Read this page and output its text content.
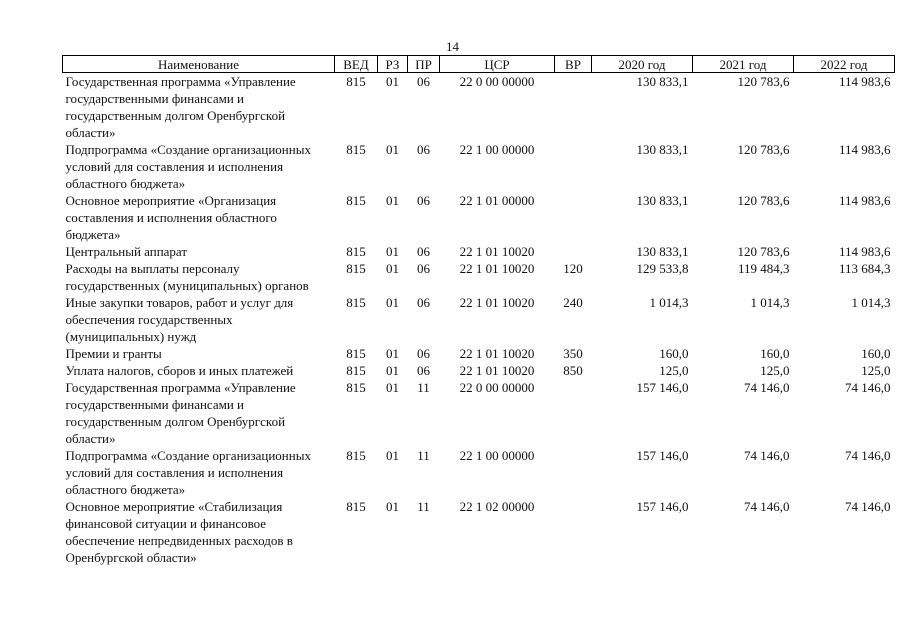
14
Наименование	ВЕД	РЗ	ПР	ЦСР	ВР	2020 год	2021 год	2022 год
Государственная программа «Управление государственными финансами и государственным долгом Оренбургской области»	815	01	06	22 0 00 00000		130 833,1	120 783,6	114 983,6
Подпрограмма «Создание организационных условий для составления и исполнения областного бюджета»	815	01	06	22 1 00 00000		130 833,1	120 783,6	114 983,6
Основное мероприятие «Организация составления и исполнения областного бюджета»	815	01	06	22 1 01 00000		130 833,1	120 783,6	114 983,6
Центральный аппарат	815	01	06	22 1 01 10020		130 833,1	120 783,6	114 983,6
Расходы на выплаты персоналу государственных (муниципальных) органов	815	01	06	22 1 01 10020	120	129 533,8	119 484,3	113 684,3
Иные закупки товаров, работ и услуг для обеспечения государственных (муниципальных) нужд	815	01	06	22 1 01 10020	240	1 014,3	1 014,3	1 014,3
Премии и гранты	815	01	06	22 1 01 10020	350	160,0	160,0	160,0
Уплата налогов, сборов и иных платежей	815	01	06	22 1 01 10020	850	125,0	125,0	125,0
Государственная программа «Управление государственными финансами и государственным долгом Оренбургской области»	815	01	11	22 0 00 00000		157 146,0	74 146,0	74 146,0
Подпрограмма «Создание организационных условий для составления и исполнения областного бюджета»	815	01	11	22 1 00 00000		157 146,0	74 146,0	74 146,0
Основное мероприятие «Стабилизация финансовой ситуации и финансовое обеспечение непредвиденных расходов в Оренбургской области»	815	01	11	22 1 02 00000		157 146,0	74 146,0	74 146,0
